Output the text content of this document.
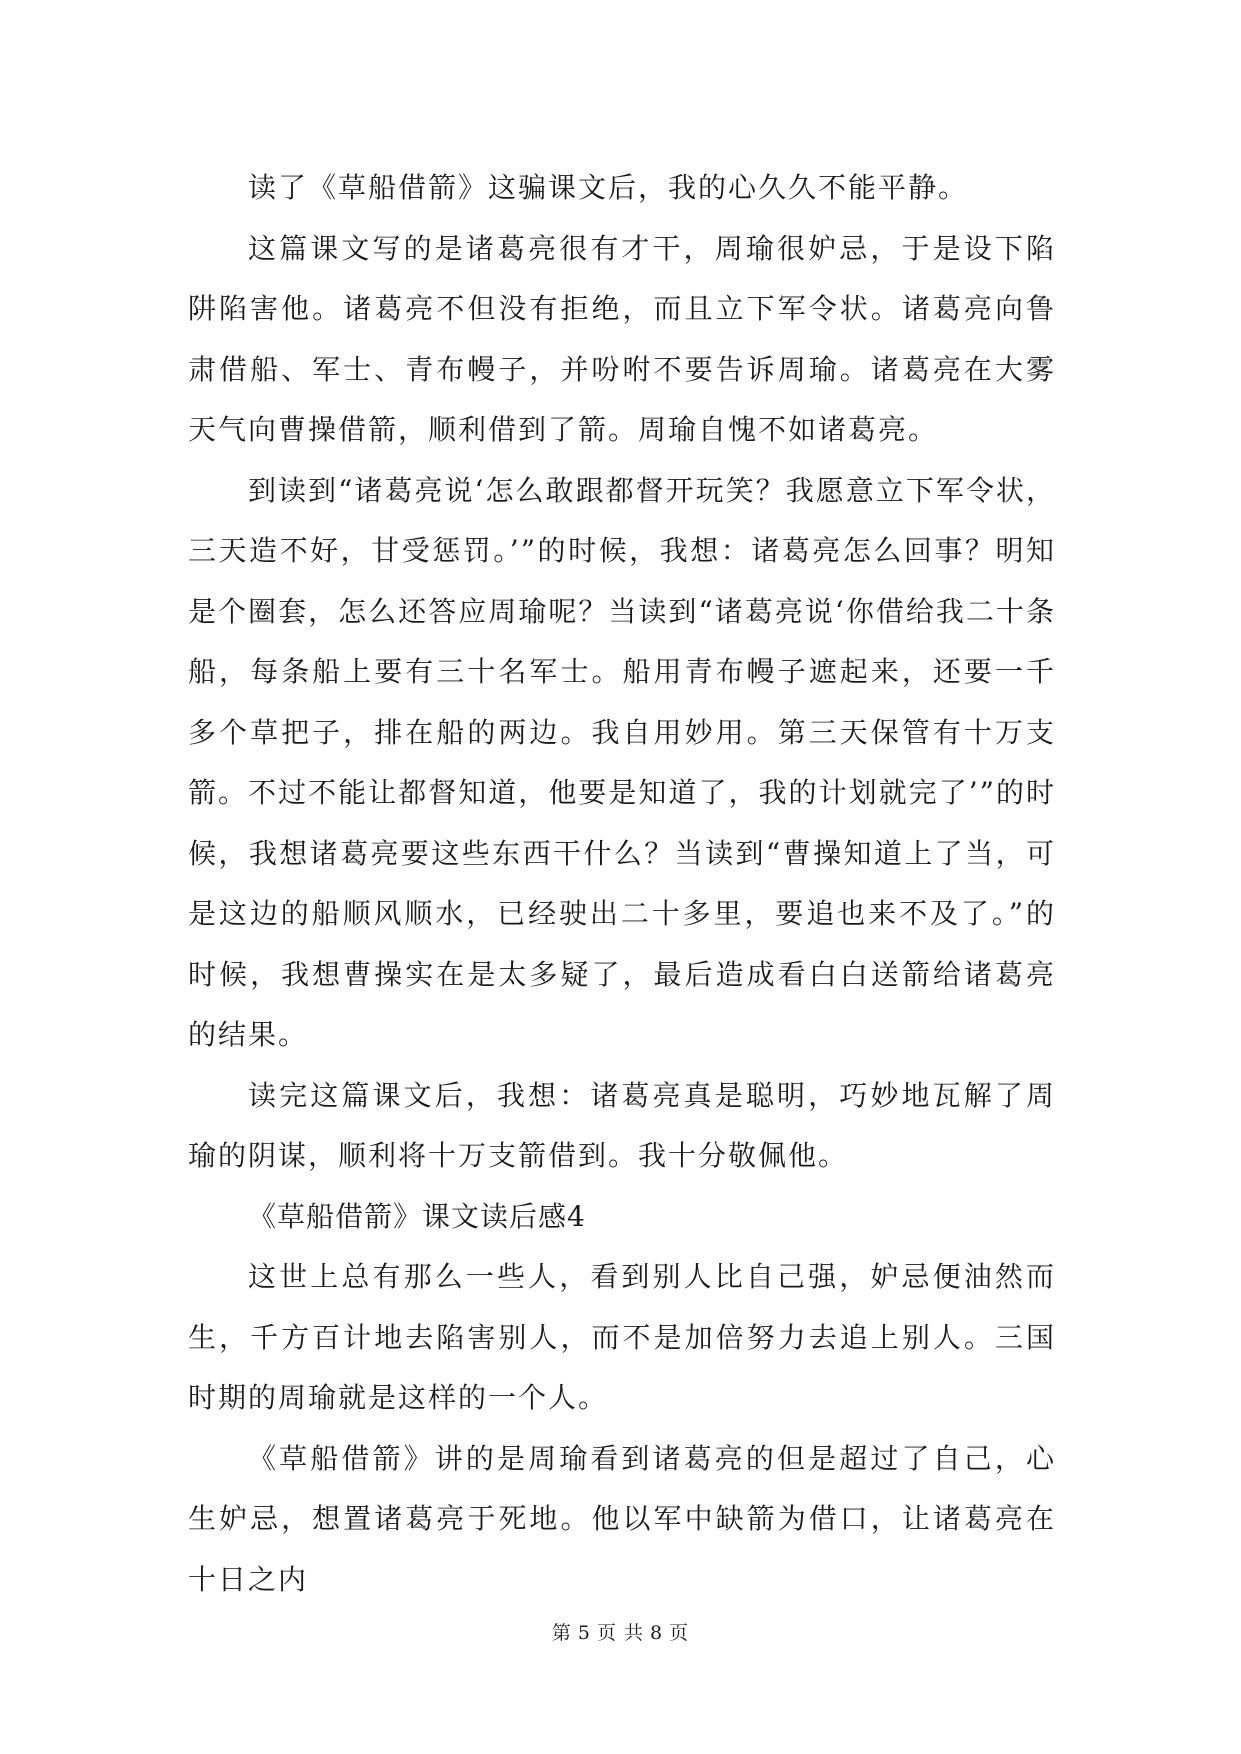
读了《草船借箭》这骗课文后，我的心久久不能平静。

这篇课文写的是诸葛亮很有才干，周瑜很妒忌，于是设下陷阱陷害他。诸葛亮不但没有拒绝，而且立下军令状。诸葛亮向鲁肃借船、军士、青布幔子，并吩咐不要告诉周瑜。诸葛亮在大雾天气向曹操借箭，顺利借到了箭。周瑜自愧不如诸葛亮。

到读到“诸葛亮说‘怎么敢跟都督开玩笑？我愿意立下军令状，三天造不好，甘受惩罚。’”的时候，我想：诸葛亮怎么回事？明知是个圈套，怎么还答应周瑜呢？当读到“诸葛亮说‘你借给我二十条船，每条船上要有三十名军士。船用青布幔子遮起来，还要一千多个草把子，排在船的两边。我自用妙用。第三天保管有十万支箭。不过不能让都督知道，他要是知道了，我的计划就完了’”的时候，我想诸葛亮要这些东西干什么？当读到“曹操知道上了当，可是这边的船顺风顺水，已经驶出二十多里，要追也来不及了。”的时候，我想曹操实在是太多疑了，最后造成看白白送箭给诸葛亮的结果。

读完这篇课文后，我想：诸葛亮真是聪明，巧妙地瓦解了周瑜的阴谋，顺利将十万支箭借到。我十分敬佩他。

《草船借箭》课文读后感4

这世上总有那么一些人，看到别人比自己强，妒忌便油然而生，千方百计地去陷害别人，而不是加倍努力去追上别人。三国时期的周瑜就是这样的一个人。

《草船借箭》讲的是周瑜看到诸葛亮的但是超过了自己，心生妒忌，想置诸葛亮于死地。他以军中缺箭为借口，让诸葛亮在十日之内

第 5 页 共 8 页
